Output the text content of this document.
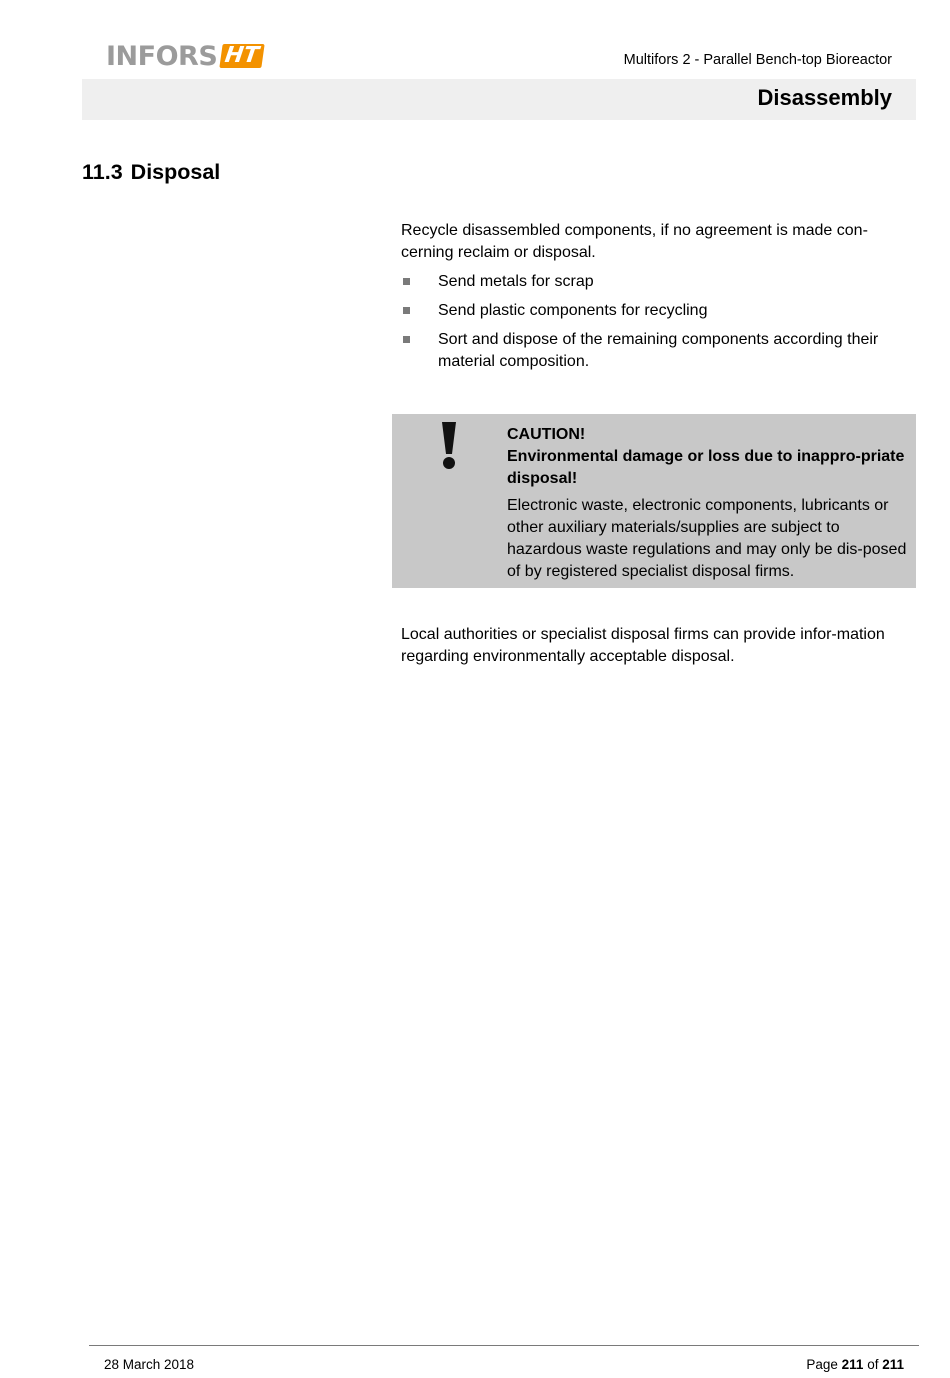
INFORS HT	Multifors 2 - Parallel Bench-top Bioreactor
Disassembly
11.3 Disposal

Recycle disassembled components, if no agreement is made con-cerning reclaim or disposal.

Send metals for scrap
Send plastic components for recycling
Sort and dispose of the remaining components according their material composition.
CAUTION!
Environmental damage or loss due to inappro-priate disposal!
Electronic waste, electronic components, lubricants or other auxiliary materials/supplies are subject to hazardous waste regulations and may only be dis-posed of by registered specialist disposal firms.

Local authorities or specialist disposal firms can provide infor-mation regarding environmentally acceptable disposal.

28 March 2018	Page 211 of 211
